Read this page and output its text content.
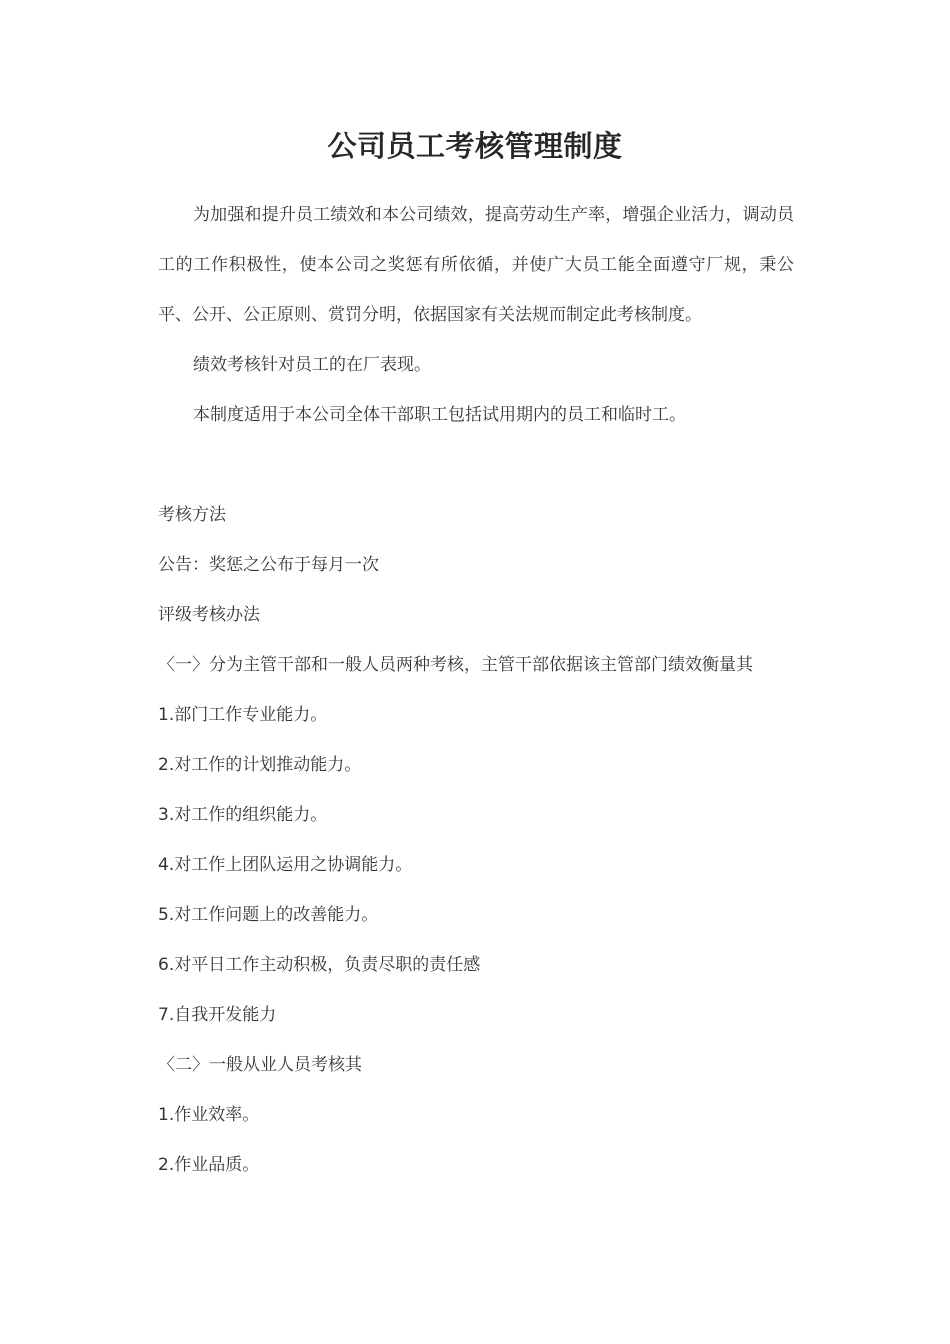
公司员工考核管理制度

为加强和提升员工绩效和本公司绩效，提高劳动生产率，增强企业活力，调动员工的工作积极性，使本公司之奖惩有所依循，并使广大员工能全面遵守厂规，秉公平、公开、公正原则、赏罚分明，依据国家有关法规而制定此考核制度。

绩效考核针对员工的在厂表现。

本制度适用于本公司全体干部职工包括试用期内的员工和临时工。

考核方法

公告：奖惩之公布于每月一次

评级考核办法

〈一〉分为主管干部和一般人员两种考核，主管干部依据该主管部门绩效衡量其

1.部门工作专业能力。

2.对工作的计划推动能力。

3.对工作的组织能力。

4.对工作上团队运用之协调能力。

5.对工作问题上的改善能力。

6.对平日工作主动积极，负责尽职的责任感

7.自我开发能力

〈二〉一般从业人员考核其

1.作业效率。

2.作业品质。
